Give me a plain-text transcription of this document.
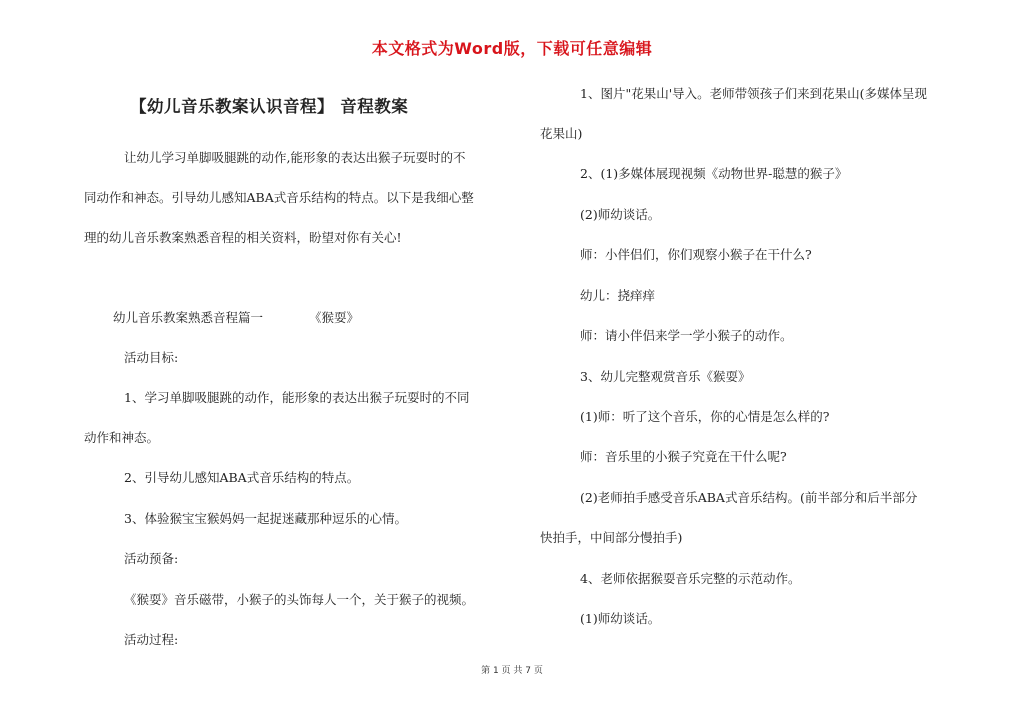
本文格式为Word版，下载可任意编辑
【幼儿音乐教案认识音程】 音程教案
让幼儿学习单脚吸腿跳的动作,能形象的表达出猴子玩耍时的不
同动作和神态。引导幼儿感知ABA式音乐结构的特点。以下是我细心整
理的幼儿音乐教案熟悉音程的相关资料，盼望对你有关心!
幼儿音乐教案熟悉音程篇一	《猴耍》
活动目标:
1、学习单脚吸腿跳的动作，能形象的表达出猴子玩耍时的不同
动作和神态。
2、引导幼儿感知ABA式音乐结构的特点。
3、体验猴宝宝猴妈妈一起捉迷藏那种逗乐的心情。
活动预备:
《猴耍》音乐磁带，小猴子的头饰每人一个，关于猴子的视频。
活动过程:
1、图片"花果山'导入。老师带领孩子们来到花果山(多媒体呈现
花果山)
2、(1)多媒体展现视频《动物世界-聪慧的猴子》
(2)师幼谈话。
师：小伴侣们，你们观察小猴子在干什么?
幼儿：挠痒痒
师：请小伴侣来学一学小猴子的动作。
3、幼儿完整观赏音乐《猴耍》
(1)师：听了这个音乐，你的心情是怎么样的?
师：音乐里的小猴子究竟在干什么呢?
(2)老师拍手感受音乐ABA式音乐结构。(前半部分和后半部分
快拍手，中间部分慢拍手)
4、老师依据猴耍音乐完整的示范动作。
(1)师幼谈话。
第 1 页 共 7 页
